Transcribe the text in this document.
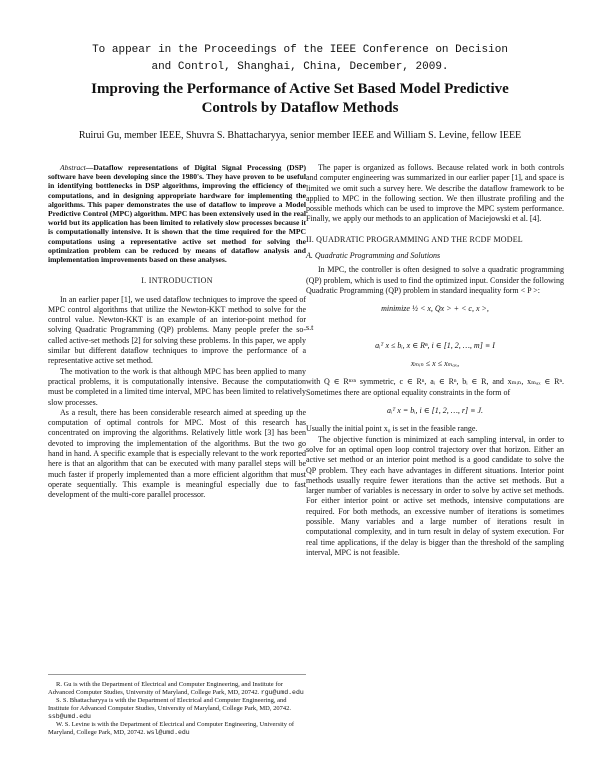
To appear in the Proceedings of the IEEE Conference on Decision
and Control, Shanghai, China, December, 2009.
Improving the Performance of Active Set Based Model Predictive
Controls by Dataflow Methods
Ruirui Gu, member IEEE, Shuvra S. Bhattacharyya, senior member IEEE and William S. Levine, fellow IEEE
Abstract—Dataflow representations of Digital Signal Processing (DSP) software have been developing since the 1980's. They have proven to be useful in identifying bottlenecks in DSP algorithms, improving the efficiency of the computations, and in designing appropriate hardware for implementing the algorithms. This paper demonstrates the use of dataflow to improve a Model Predictive Control (MPC) algorithm. MPC has been extensively used in the real world but its application has been limited to relatively slow processes because it is computationally intensive. It is shown that the time required for the MPC computations using a representative active set method for solving the optimization problem can be reduced by means of dataflow analysis and implementation improvements based on these analyses.
I. INTRODUCTION

In an earlier paper [1], we used dataflow techniques to improve the speed of MPC control algorithms that utilize the Newton-KKT method to solve for the control value. Newton-KKT is an example of an interior-point method for solving Quadratic Programming (QP) problems. Many people prefer the so-called active-set methods [2] for solving these problems. In this paper, we apply similar but different dataflow techniques to improve the performance of a representative active set method.

The motivation to the work is that although MPC has been applied to many practical problems, it is computationally intensive. Because the computation must be completed in a limited time interval, MPC has been limited to relatively slow processes.

As a result, there has been considerable research aimed at speeding up the computation of optimal controls for MPC. Most of this research has concentrated on improving the algorithms. Relatively little work [3] has been devoted to improving the implementation of the algorithms. But the two go hand in hand. A specific example that is especially relevant to the work reported here is that an algorithm that can be executed with many parallel steps will be much faster if properly implemented than a more efficient algorithm that must operate sequentially. This example is meaningful especially due to fast development of the multi-core parallel processor.

R. Gu is with the Department of Electrical and Computer Engineering, and Institute for Advanced Computer Studies, University of Maryland, College Park, MD, 20742. rgu@umd.edu
S. S. Bhattacharyya is with the Department of Electrical and Computer Engineering, and Institute for Advanced Computer Studies, University of Maryland, College Park, MD, 20742. ssb@umd.edu
W. S. Levine is with the Department of Electrical and Computer Engineering, University of Maryland, College Park, MD, 20742. wsl@umd.edu

The paper is organized as follows. Because related work in both controls and computer engineering was summarized in our earlier paper [1], and space is limited we omit such a survey here. We describe the dataflow framework to be applied to MPC in the following section. We then illustrate profiling and the possible methods which can be used to improve the MPC system performance. Finally, we apply our methods to an application of Maciejowski et al. [4].

II. QUADRATIC PROGRAMMING AND THE RCDF MODEL
A. Quadratic Programming and Solutions

In MPC, the controller is often designed to solve a quadratic programming (QP) problem, which is used to find the optimized input. Consider the following Quadratic Programming (QP) problem in standard inequality form < P >:

minimize ½ < x, Qx > + < c, x >,
s.t
aᵢᵀ x ≤ bᵢ, x ∈ Rⁿ, i ∈ [1, 2, …, m] ≡ I
xₘᵢₙ ≤ x ≤ xₘₐₓ,

with Q ∈ Rⁿˣⁿ symmetric, c ∈ Rⁿ, aᵢ ∈ Rⁿ, bᵢ ∈ R, and xₘᵢₙ, xₘₐₓ ∈ Rⁿ. Sometimes there are optional equality constraints in the form of

aᵢᵀ x = bᵢ, i ∈ [1, 2, …, r] ≡ J.

Usually the initial point x₀ is set in the feasible range.

The objective function is minimized at each sampling interval, in order to solve for an optimal open loop control trajectory over that horizon. Either an active set method or an interior point method is a good candidate to solve the QP problem. They each have advantages in different situations. Interior point methods usually require fewer iterations than the active set methods. But a larger number of variables is necessary in order to solve by active set methods. For either interior point or active set methods, intensive computations are required. For both methods, an excessive number of iterations is sometimes possible. Many variables and a large number of iterations result in computational complexity, and in turn result in delay of system execution. For real time applications, if the delay is bigger than the threshold of the sampling interval, MPC is not feasible.
